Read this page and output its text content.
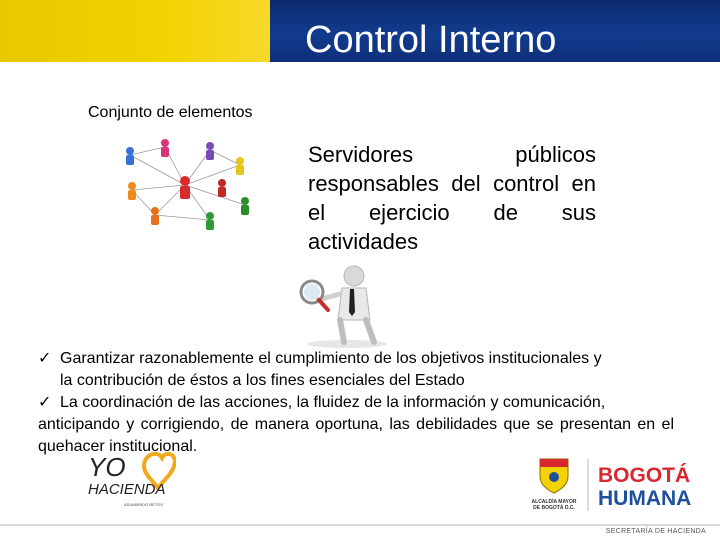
Control Interno
Conjunto de elementos
Servidores públicos responsables del control en el ejercicio de sus actividades

✓ Garantizar razonablemente el cumplimiento de los objetivos institucionales y

la contribución de éstos a los fines esenciales del Estado

✓ La coordinación de las acciones, la fluidez de la información y comunicación,

anticipando y corrigiendo, de manera oportuna, las debilidades que se presentan en el quehacer institucional.

YO
HACIENDA
ASUMIENDO RETOS	ALCALDÍA MAYOR
DE BOGOTÁ D.C.
BOGOTÁ
HUMANA
SECRETARÍA DE HACIENDA
